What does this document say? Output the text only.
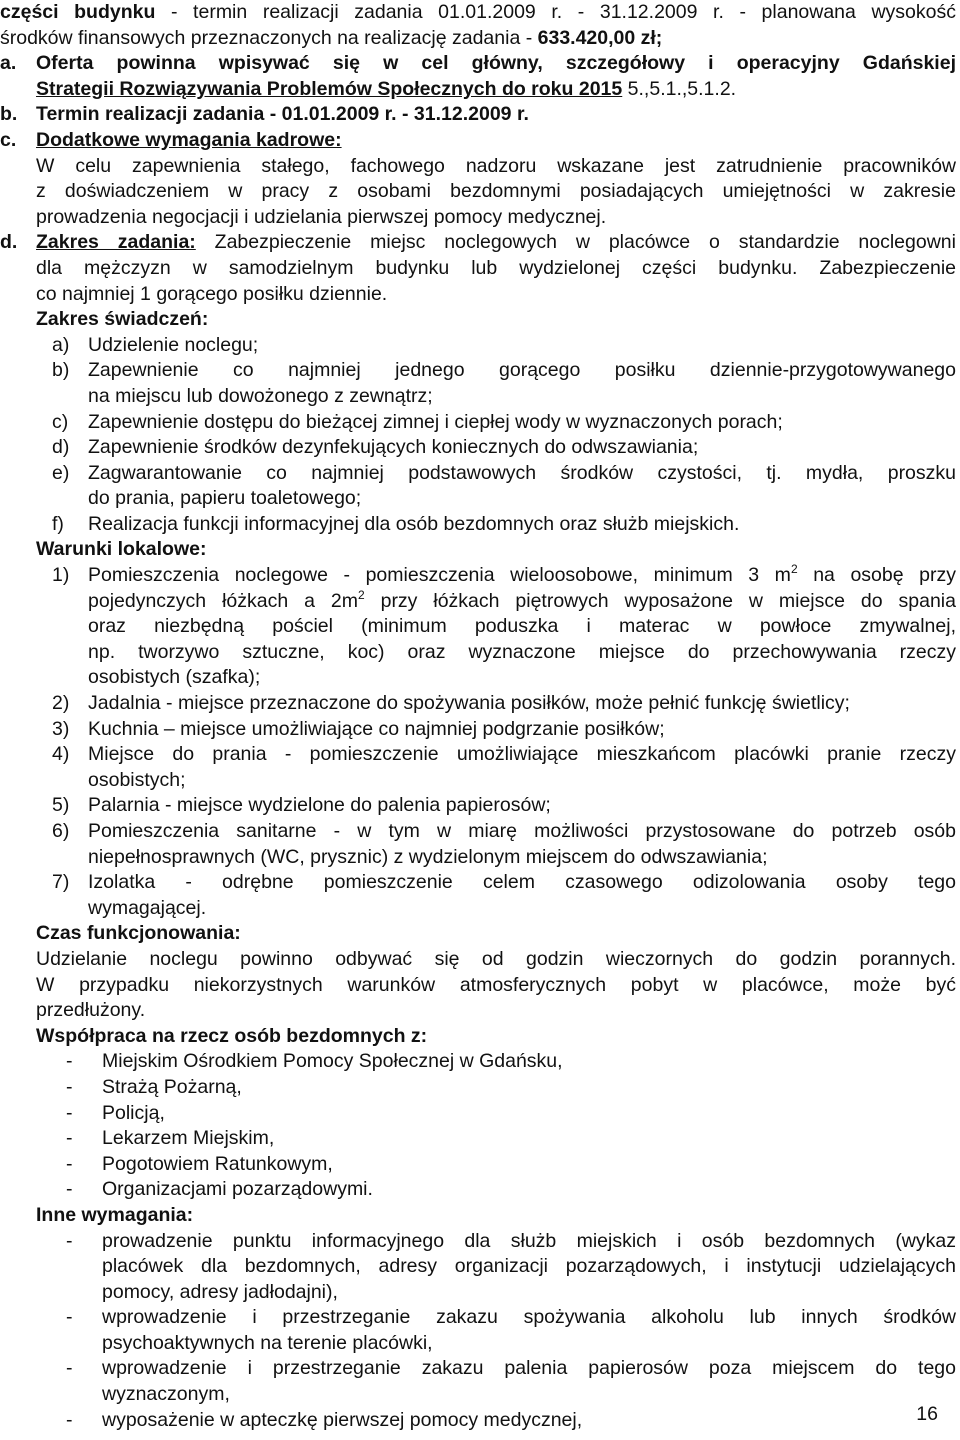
części budynku - termin realizacji zadania 01.01.2009 r. - 31.12.2009 r. - planowana wysokość
środków finansowych przeznaczonych na realizację zadania - 633.420,00 zł;
a. Oferta powinna wpisywać się w cel główny, szczegółowy i operacyjny Gdańskiej
Strategii Rozwiązywania Problemów Społecznych do roku 2015 5.,5.1.,5.1.2.
b. Termin realizacji zadania - 01.01.2009 r. - 31.12.2009 r.
c. Dodatkowe wymagania kadrowe:
W celu zapewnienia stałego, fachowego nadzoru wskazane jest zatrudnienie pracowników
z doświadczeniem w pracy z osobami bezdomnymi posiadających umiejętności w zakresie
prowadzenia negocjacji i udzielania pierwszej pomocy medycznej.
d. Zakres zadania: Zabezpieczenie miejsc noclegowych w placówce o standardzie noclegowni
dla mężczyzn w samodzielnym budynku lub wydzielonej części budynku. Zabezpieczenie
co najmniej 1 gorącego posiłku dziennie.
Zakres świadczeń:
a) Udzielenie noclegu;
b) Zapewnienie co najmniej jednego gorącego posiłku dziennie-przygotowywanego
na miejscu lub dowożonego z zewnątrz;
c) Zapewnienie dostępu do bieżącej zimnej i ciepłej wody w wyznaczonych porach;
d) Zapewnienie środków dezynfekujących koniecznych do odwszawiania;
e) Zagwarantowanie co najmniej podstawowych środków czystości, tj. mydła, proszku
do prania, papieru toaletowego;
f) Realizacja funkcji informacyjnej dla osób bezdomnych oraz służb miejskich.
Warunki lokalowe:
1) Pomieszczenia noclegowe - pomieszczenia wieloosobowe, minimum 3 $m^2$ na osobę przy
pojedynczych łóżkach a $2m^2$ przy łóżkach piętrowych wyposażone w miejsce do spania
oraz niezbędną pościel (minimum poduszka i materac w powłoce zmywalnej,
np. tworzywo sztuczne, koc) oraz wyznaczone miejsce do przechowywania rzeczy
osobistych (szafka);
2) Jadalnia - miejsce przeznaczone do spożywania posiłków, może pełnić funkcję świetlicy;
3) Kuchnia – miejsce umożliwiające co najmniej podgrzanie posiłków;
4) Miejsce do prania - pomieszczenie umożliwiające mieszkańcom placówki pranie rzeczy
osobistych;
5) Palarnia - miejsce wydzielone do palenia papierosów;
6) Pomieszczenia sanitarne - w tym w miarę możliwości przystosowane do potrzeb osób
niepełnosprawnych (WC, prysznic) z wydzielonym miejscem do odwszawiania;
7) Izolatka - odrębne pomieszczenie celem czasowego odizolowania osoby tego
wymagającej.
Czas funkcjonowania:
Udzielanie noclegu powinno odbywać się od godzin wieczornych do godzin porannych.
W przypadku niekorzystnych warunków atmosferycznych pobyt w placówce, może być
przedłużony.
Współpraca na rzecz osób bezdomnych z:
- Miejskim Ośrodkiem Pomocy Społecznej w Gdańsku,
- Strażą Pożarną,
- Policją,
- Lekarzem Miejskim,
- Pogotowiem Ratunkowym,
- Organizacjami pozarządowymi.
Inne wymagania:
- prowadzenie punktu informacyjnego dla służb miejskich i osób bezdomnych (wykaz
placówek dla bezdomnych, adresy organizacji pozarządowych, i instytucji udzielających
pomocy, adresy jadłodajni),
- wprowadzenie i przestrzeganie zakazu spożywania alkoholu lub innych środków
psychoaktywnych na terenie placówki,
- wprowadzenie i przestrzeganie zakazu palenia papierosów poza miejscem do tego
wyznaczonym,
- wyposażenie w apteczkę pierwszej pomocy medycznej,	16
